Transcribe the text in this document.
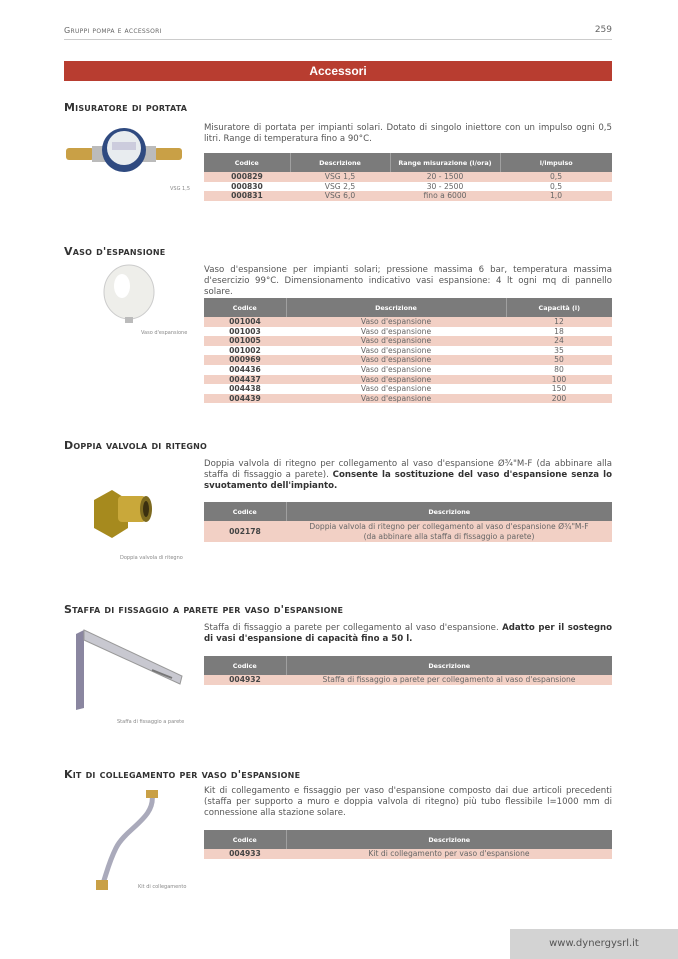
Gruppi pompa e accessori	259
Accessori
Misuratore di portata
VSG 1,5
Misuratore di portata per impianti solari. Dotato di singolo iniettore con un impulso ogni 0,5 litri. Range di temperatura fino a 90°C.
Codice	Descrizione	Range misurazione (l/ora)	l/impulso
000829	VSG 1,5	20 - 1500	0,5
000830	VSG 2,5	30 - 2500	0,5
000831	VSG 6,0	fino a 6000	1,0
Vaso d'espansione
Vaso d'espansione
Vaso d'espansione per impianti solari; pressione massima 6 bar, temperatura massima d'esercizio 99°C. Dimensionamento indicativo vasi espansione: 4 lt ogni mq di pannello solare.
Codice	Descrizione	Capacità (l)
001004	Vaso d'espansione	12
001003	Vaso d'espansione	18
001005	Vaso d'espansione	24
001002	Vaso d'espansione	35
000969	Vaso d'espansione	50
004436	Vaso d'espansione	80
004437	Vaso d'espansione	100
004438	Vaso d'espansione	150
004439	Vaso d'espansione	200
Doppia valvola di ritegno
Doppia valvola di ritegno
Doppia valvola di ritegno per collegamento al vaso d'espansione Ø¾"M-F (da abbinare alla staffa di fissaggio a parete). Consente la sostituzione del vaso d'espansione senza lo svuotamento dell'impianto.
Codice	Descrizione
002178	Doppia valvola di ritegno per collegamento al vaso d'espansione Ø¾"M-F
(da abbinare alla staffa di fissaggio a parete)
Staffa di fissaggio a parete per vaso d'espansione
Staffa di fissaggio a parete
Staffa di fissaggio a parete per collegamento al vaso d'espansione. Adatto per il sostegno di vasi d'espansione di capacità fino a 50 l.
Codice	Descrizione
004932	Staffa di fissaggio a parete per collegamento al vaso d'espansione
Kit di collegamento per vaso d'espansione
Kit di collegamento
Kit di collegamento e fissaggio per vaso d'espansione composto dai due articoli precedenti (staffa per supporto a muro e doppia valvola di ritegno) più tubo flessibile l=1000 mm di connessione alla stazione solare.
Codice	Descrizione
004933	Kit di collegamento per vaso d'espansione
www.dynergysrl.it
